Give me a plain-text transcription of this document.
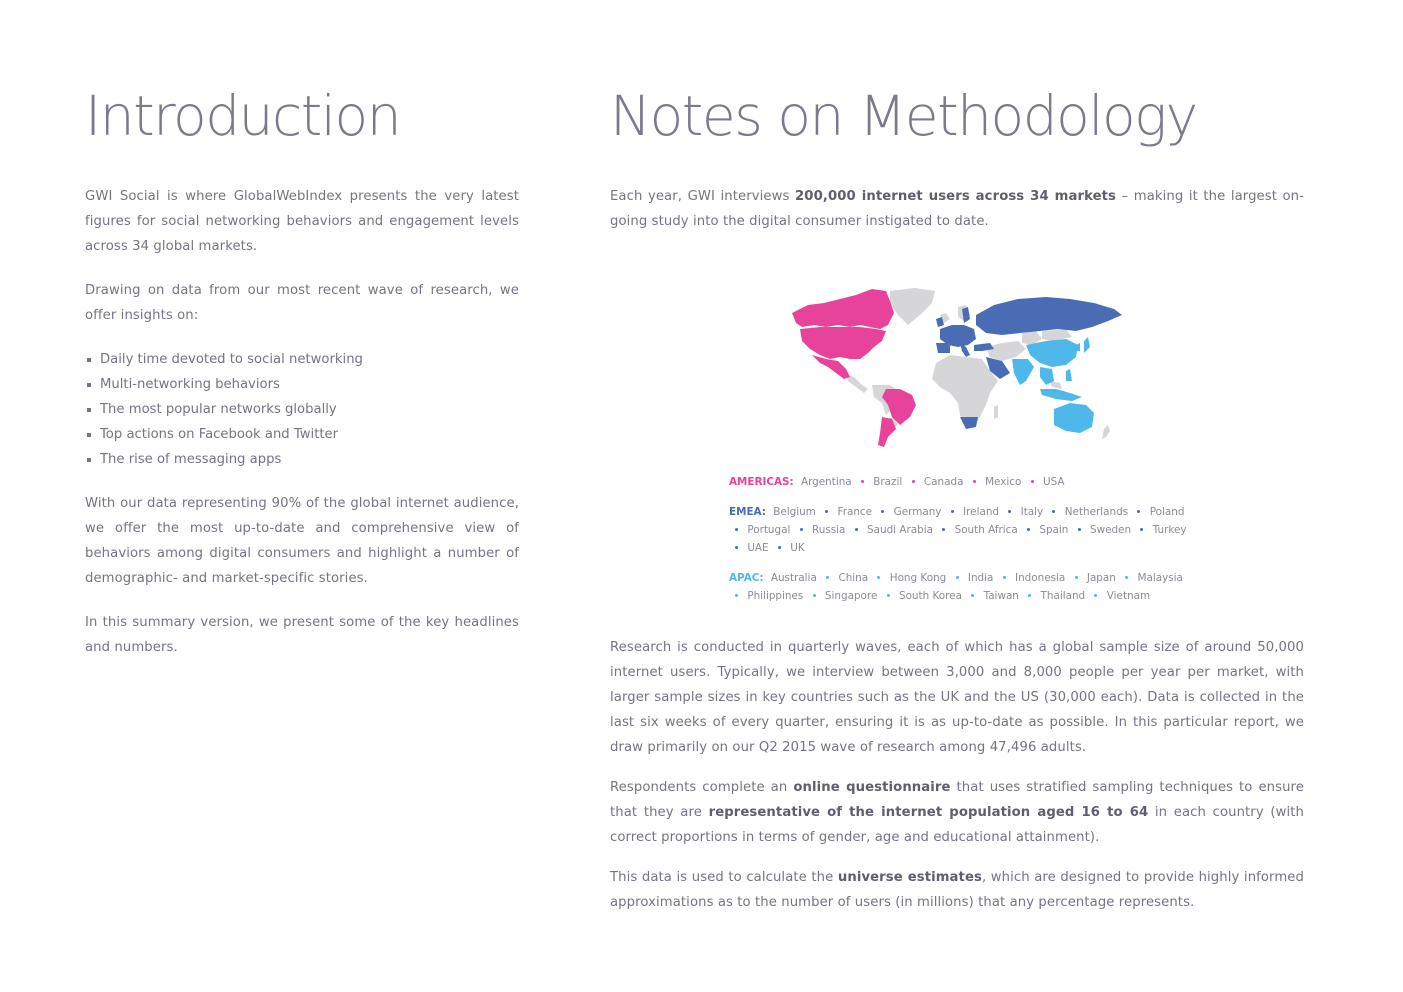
Introduction

GWI Social is where GlobalWebIndex presents the very latest figures for social networking behaviors and engagement levels across 34 global markets.

Drawing on data from our most recent wave of research, we offer insights on:

Daily time devoted to social networking
Multi-networking behaviors
The most popular networks globally
Top actions on Facebook and Twitter
The rise of messaging apps

With our data representing 90% of the global internet audience, we offer the most up-to-date and comprehensive view of behaviors among digital consumers and highlight a number of demographic- and market-specific stories.

In this summary version, we present some of the key headlines and numbers.

Notes on Methodology

Each year, GWI interviews 200,000 internet users across 34 markets – making it the largest on-going study into the digital consumer instigated to date.

AMERICAS: Argentina Brazil Canada Mexico USA
EMEA: Belgium France Germany Ireland Italy Netherlands Poland  Portugal Russia Saudi Arabia South Africa Spain Sweden Turkey  UAE UK
APAC: Australia China Hong Kong India Indonesia Japan Malaysia  Philippines Singapore South Korea Taiwan Thailand Vietnam

Research is conducted in quarterly waves, each of which has a global sample size of around 50,000 internet users. Typically, we interview between 3,000 and 8,000 people per year per market, with larger sample sizes in key countries such as the UK and the US (30,000 each). Data is collected in the last six weeks of every quarter, ensuring it is as up-to-date as possible. In this particular report, we draw primarily on our Q2 2015 wave of research among 47,496 adults.

Respondents complete an online questionnaire that uses stratified sampling techniques to ensure that they are representative of the internet population aged 16 to 64 in each country (with correct proportions in terms of gender, age and educational attainment).

This data is used to calculate the universe estimates, which are designed to provide highly informed approximations as to the number of users (in millions) that any percentage represents.
